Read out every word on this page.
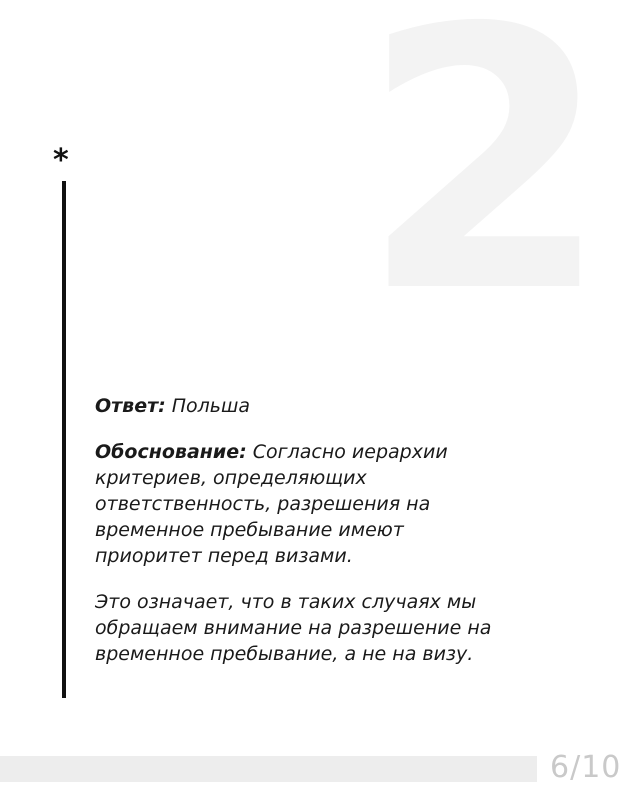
2
*

Ответ: Польша

Обоснование: Согласно иерархии критериев, определяющих ответственность, разрешения на временное пребывание имеют приоритет перед визами.

Это означает, что в таких случаях мы обращаем внимание на разрешение на временное пребывание, а не на визу.

6/10
